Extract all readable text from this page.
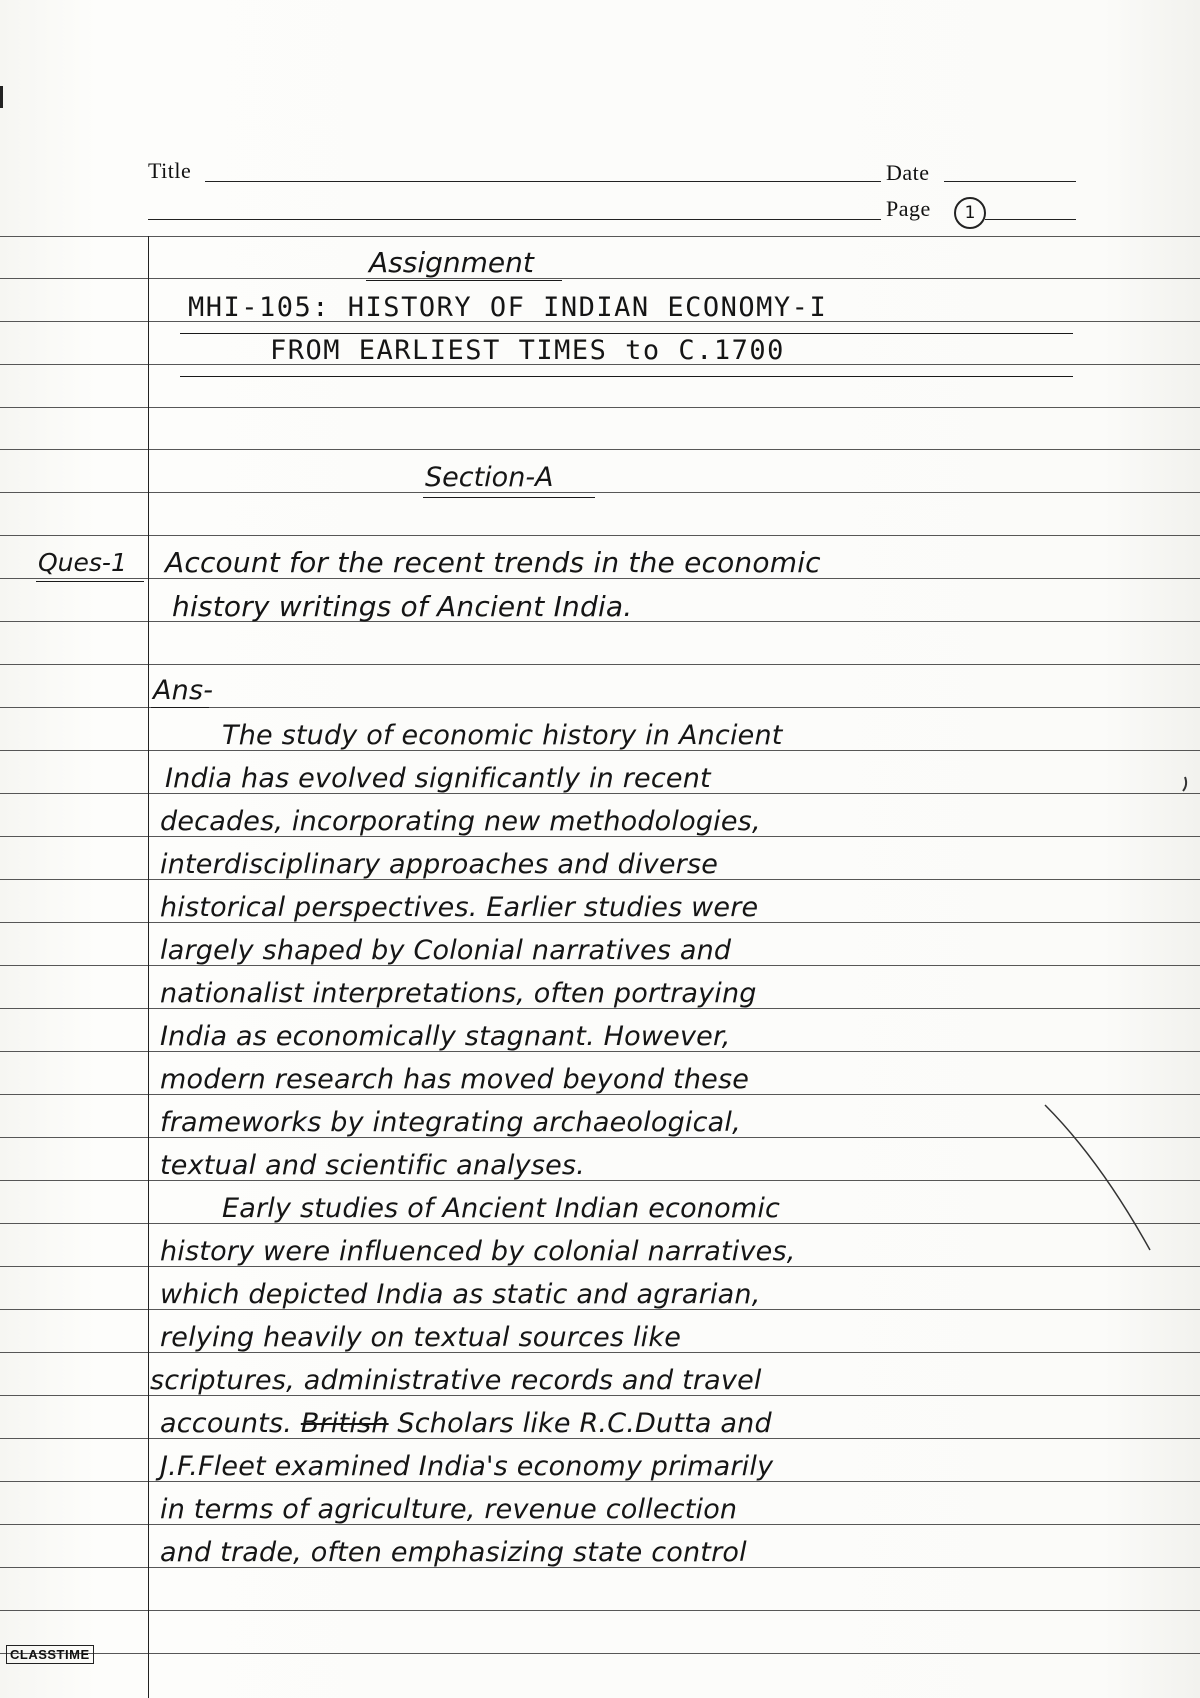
Title	Date
Page	1
Assignment
MHI-105: HISTORY OF INDIAN ECONOMY-I
FROM EARLIEST TIMES to C.1700
Section-A
Ques-1 Account for the recent trends in the economic
history writings of Ancient India.
Ans-
The study of economic history in Ancient
India has evolved significantly in recent
decades, incorporating new methodologies,
interdisciplinary approaches and diverse
historical perspectives. Earlier studies were
largely shaped by Colonial narratives and
nationalist interpretations, often portraying
India as economically stagnant. However,
modern research has moved beyond these
frameworks by integrating archaeological,
textual and scientific analyses.
Early studies of Ancient Indian economic
history were influenced by colonial narratives,
which depicted India as static and agrarian,
relying heavily on textual sources like
scriptures, administrative records and travel
accounts. British Scholars like R.C.Dutta and
J.F.Fleet examined India's economy primarily
in terms of agriculture, revenue collection
and trade, often emphasizing state control
CLASSTIME
